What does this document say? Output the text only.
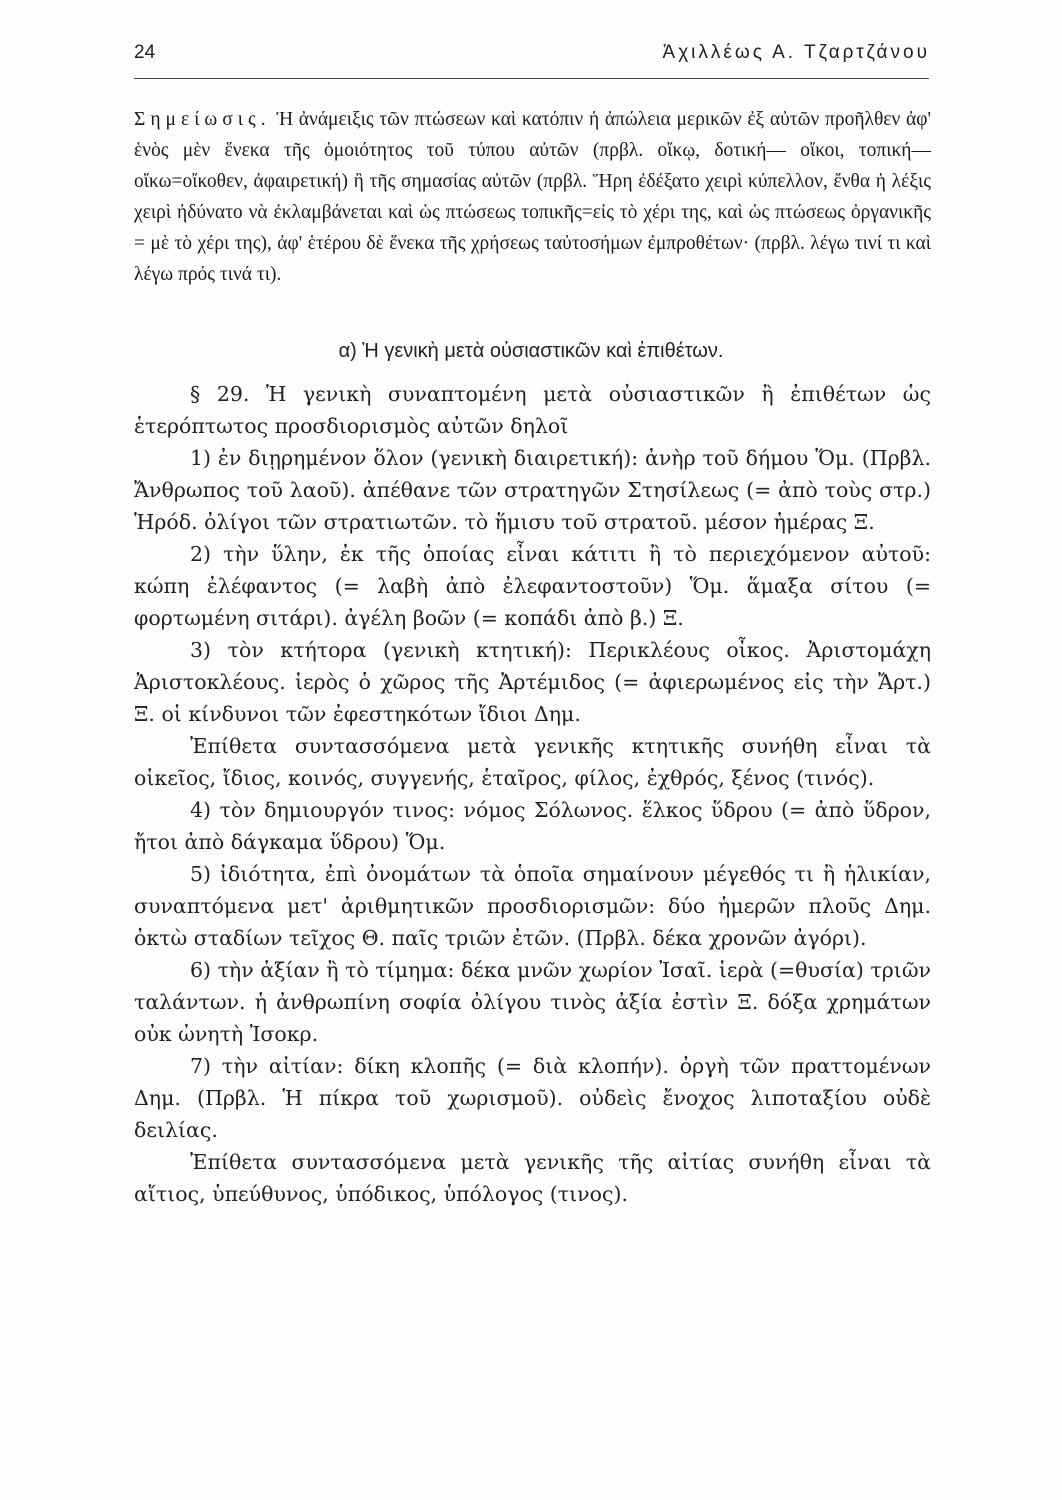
24	Ἀχιλλέως Α. Τζαρτζάνου

Σημείωσις. Ἡ ἀνάμειξις τῶν πτώσεων καὶ κατόπιν ἡ ἀπώλεια μερικῶν ἐξ αὐτῶν προῆλθεν ἀφ' ἑνὸς μὲν ἕνεκα τῆς ὁμοιότητος τοῦ τύπου αὐτῶν (πρβλ. οἴκῳ, δοτική— οἴκοι, τοπική—οἴκω=οἴκοθεν, ἀφαιρετική) ἢ τῆς σημασίας αὐτῶν (πρβλ. Ἥρη ἐδέξατο χειρὶ κύπελλον, ἔνθα ἡ λέξις χειρὶ ἠδύνατο νὰ ἐκλαμβάνεται καὶ ὡς πτώσεως τοπικῆς=εἰς τὸ χέρι της, καὶ ὡς πτώσεως ὀργανικῆς = μὲ τὸ χέρι της), ἀφ' ἑτέρου δὲ ἕνεκα τῆς χρήσεως ταὐτοσήμων ἐμπροθέτων· (πρβλ. λέγω τινί τι καὶ λέγω πρός τινά τι).

α) Ἡ γενικὴ μετὰ οὐσιαστικῶν καὶ ἐπιθέτων.

§ 29. Ἡ γενικὴ συναπτομένη μετὰ οὐσιαστικῶν ἢ ἐπιθέτων ὡς ἑτερόπτωτος προσδιορισμὸς αὐτῶν δηλοῖ

1) ἐν διῃρημένον ὅλον (γενικὴ διαιρετική): ἀνὴρ τοῦ δήμου Ὅμ. (Πρβλ. Ἄνθρωπος τοῦ λαοῦ). ἀπέθανε τῶν στρατηγῶν Στησίλεως (= ἀπὸ τοὺς στρ.) Ἡρόδ. ὀλίγοι τῶν στρατιωτῶν. τὸ ἥμισυ τοῦ στρατοῦ. μέσον ἡμέρας Ξ.

2) τὴν ὕλην, ἐκ τῆς ὁποίας εἶναι κάτιτι ἢ τὸ περιεχόμενον αὐτοῦ: κώπη ἐλέφαντος (= λαβὴ ἀπὸ ἐλεφαντοστοῦν) Ὅμ. ἅμαξα σίτου (= φορτωμένη σιτάρι). ἀγέλη βοῶν (= κοπάδι ἀπὸ β.) Ξ.

3) τὸν κτήτορα (γενικὴ κτητική): Περικλέους οἶκος. Ἀριστομάχη Ἀριστοκλέους. ἱερὸς ὁ χῶρος τῆς Ἀρτέμιδος (= ἀφιερωμένος εἰς τὴν Ἄρτ.) Ξ. οἱ κίνδυνοι τῶν ἐφεστηκότων ἴδιοι Δημ.

Ἐπίθετα συντασσόμενα μετὰ γενικῆς κτητικῆς συνήθη εἶναι τὰ οἰκεῖος, ἴδιος, κοινός, συγγενής, ἑταῖρος, φίλος, ἐχθρός, ξένος (τινός).

4) τὸν δημιουργόν τινος: νόμος Σόλωνος. ἕλκος ὕδρου (= ἀπὸ ὕδρον, ἤτοι ἀπὸ δάγκαμα ὕδρου) Ὅμ.

5) ἰδιότητα, ἐπὶ ὀνομάτων τὰ ὁποῖα σημαίνουν μέγεθός τι ἢ ἡλικίαν, συναπτόμενα μετ' ἀριθμητικῶν προσδιορισμῶν: δύο ἡμερῶν πλοῦς Δημ. ὀκτὼ σταδίων τεῖχος Θ. παῖς τριῶν ἐτῶν. (Πρβλ. δέκα χρονῶν ἀγόρι).

6) τὴν ἀξίαν ἢ τὸ τίμημα: δέκα μνῶν χωρίον Ἰσαῖ. ἱερὰ (=θυσία) τριῶν ταλάντων. ἡ ἀνθρωπίνη σοφία ὀλίγου τινὸς ἀξία ἐστὶν Ξ. δόξα χρημάτων οὐκ ὠνητὴ Ἰσοκρ.

7) τὴν αἰτίαν: δίκη κλοπῆς (= διὰ κλοπήν). ὀργὴ τῶν πραττομένων Δημ. (Πρβλ. Ἡ πίκρα τοῦ χωρισμοῦ). οὐδεὶς ἔνοχος λιποταξίου οὐδὲ δειλίας.

Ἐπίθετα συντασσόμενα μετὰ γενικῆς τῆς αἰτίας συνήθη εἶναι τὰ αἴτιος, ὑπεύθυνος, ὑπόδικος, ὑπόλογος (τινος).
